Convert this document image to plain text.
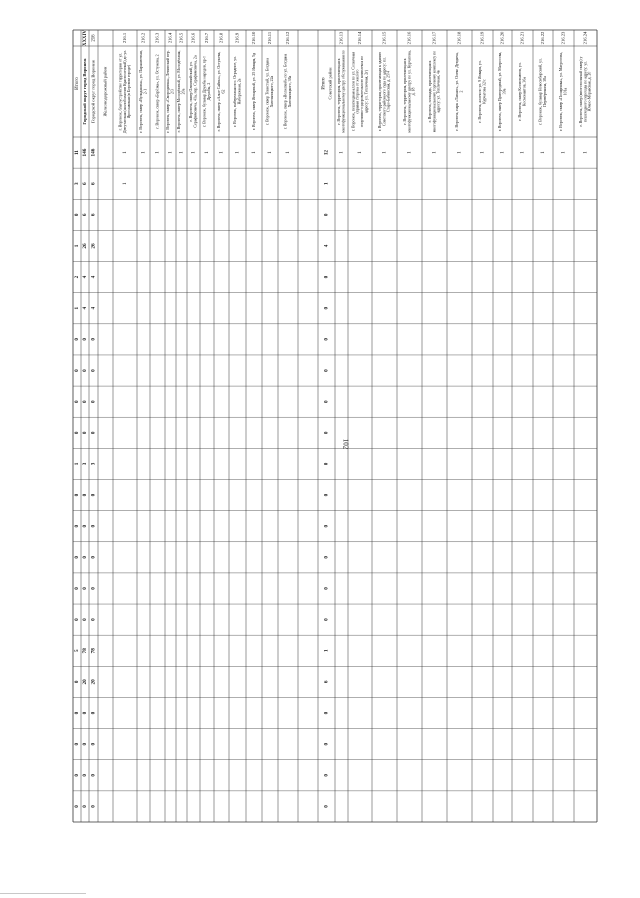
Итого
11
3
0
1
2
1
0
0
0
0
1
0
0
0
0
0
5
0
0
0
0
0
XXXIV
Городской округ город Воронеж
146
6
6
26
4
4
0
0
0
0
3
0
0
0
0
0
78
20
0
0
0
0
216
Городской округ город Воронеж
146
6
6
26
4
4
0
0
0
0
3
0
0
0
0
0
78
20
0
0
0
0
Железнодорожный район
216.1
г. Воронеж, благоустройство территории от ул. Депутатская (жилой массив Краснолесный) до ул. Ярославская (в Боровом городе)
1
1
216.2
г. Воронеж, сквер «Вульдашна», ул. Парашютная, 2-1
1
216.3
г. Воронеж, сквер «Берёзка», ул. Остужева, 2
1
216.4
г. Воронеж, сквер «Смородинка», Ленинский пер. 2/3
1
216.5
г. Воронеж, сквер Молодёжный, ул. Молодёжная, 20а
1
216.6
г. Воронеж, сквер Олимпийский, ул. Серафимовича, 41а, пер. Серафимовича, 2а
1
216.7
г. Воронеж, бульвар Дружбы народов, пр-т Дружбы, 2
1
216.8
г. Воронеж, сквер «Алые Сайны», ул. Остужева, 62
1
216.9
г. Воронеж, набережная пос. Отрадное, ул. Набережная, 2а
1
216.10
г. Воронеж, сквер Янтарный, ул. 25 Января, 5д
1
216.11
г. Воронеж, сквер Тенистый, ул. Богдана Хмельницкого, 22а
1
216.12
г. Воронеж, сквер «Волжский» по ул. Богдана Хмельницкого, 38а
1
Итого Советский район
12
1
0
4
0
0
0
0
0
0
0
0
0
0
0
0
1
6
0
0
0
0
216.13
г. Воронеж, территория, прилегающая к многофункциональному центру обслуживания по
1
216.14
г. Воронеж, пешеходная аллея по ул. Солнечная (правая сторона от жилого спортивно-оздоровительного комплекса по адресу: ул. Тепличная, 2г)
1
216.15
г. Воронеж, территория, прилегающая к зданию Советского районного суда по адресу: пл. Старо-Бабинская, д. 25/4
1
216.16
г. Воронеж, территория, прилегающая к многофункциональному центру по ул. Курчатова, д. 18
1
216.17
г. Воронеж, площадь, прилегающая к многофункциональному торговому комплексу по адресу: ул. Тепличная, 4в
1
216.18
г. Воронеж, парк «Танаис», ул. Олеко Дундича, 2
1
216.19
г. Воронеж, аллея по ул. 9 Января, ул. Курчатова 32/с
1
216.20
г. Воронеж, сквер Пригородный, ул. Матросова, 39а
1
216.21
г. Воронеж, сквер Космонавтов, ул. Космонавтов, 36а
1
216.22
г. Воронеж, бульвар Новосибирский, ул. Перевёрткина, 38а
1
216.23
г. Воронеж, сквер «Полярника», ул. Матросова, 101а
1
216.24
г. Воронеж, сквер (многопольный сквер) у пешеходного перехода по адресу: ул. Южно-Моравская, д. 20
1
102
